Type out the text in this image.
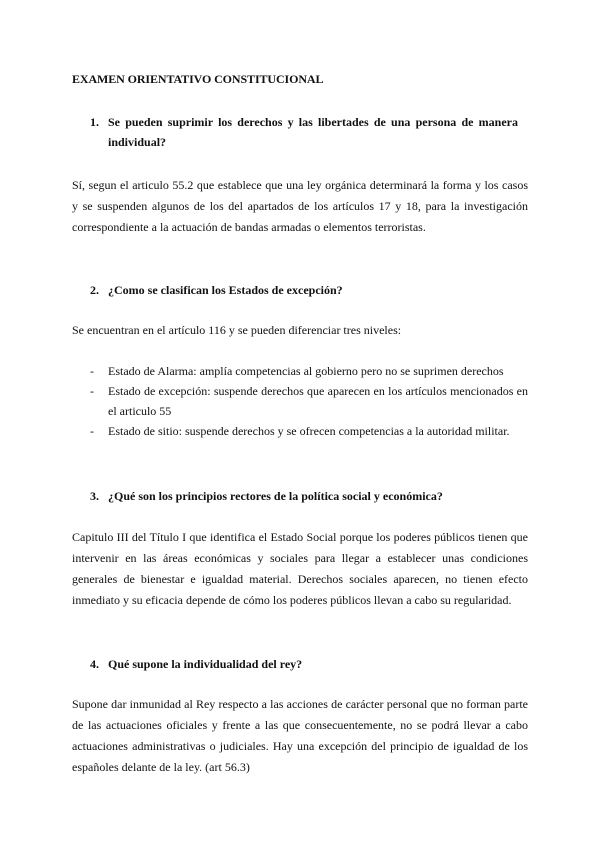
EXAMEN ORIENTATIVO CONSTITUCIONAL
1. Se pueden suprimir los derechos y las libertades de una persona de manera individual?
Sí, segun el articulo 55.2 que establece que una ley orgánica determinará la forma y los casos y se suspenden algunos de los del apartados de los artículos 17 y 18, para la investigación correspondiente a la actuación de bandas armadas o elementos terroristas.
2. ¿Como se clasifican los Estados de excepción?
Se encuentran en el artículo 116 y se pueden diferenciar tres niveles:
- Estado de Alarma: amplía competencias al gobierno pero no se suprimen derechos
- Estado de excepción: suspende derechos que aparecen en los artículos mencionados en el articulo 55
- Estado de sitio: suspende derechos y se ofrecen competencias a la autoridad militar.
3. ¿Qué son los principios rectores de la política social y económica?
Capitulo III del Título I que identifica el Estado Social porque los poderes públicos tienen que intervenir en las áreas económicas y sociales para llegar a establecer unas condiciones generales de bienestar e igualdad material. Derechos sociales aparecen, no tienen efecto inmediato y su eficacia depende de cómo los poderes públicos llevan a cabo su regularidad.
4. Qué supone la individualidad del rey?
Supone dar inmunidad al Rey respecto a las acciones de carácter personal que no forman parte de las actuaciones oficiales y frente a las que consecuentemente, no se podrá llevar a cabo actuaciones administrativas o judiciales. Hay una excepción del principio de igualdad de los españoles delante de la ley. (art 56.3)
